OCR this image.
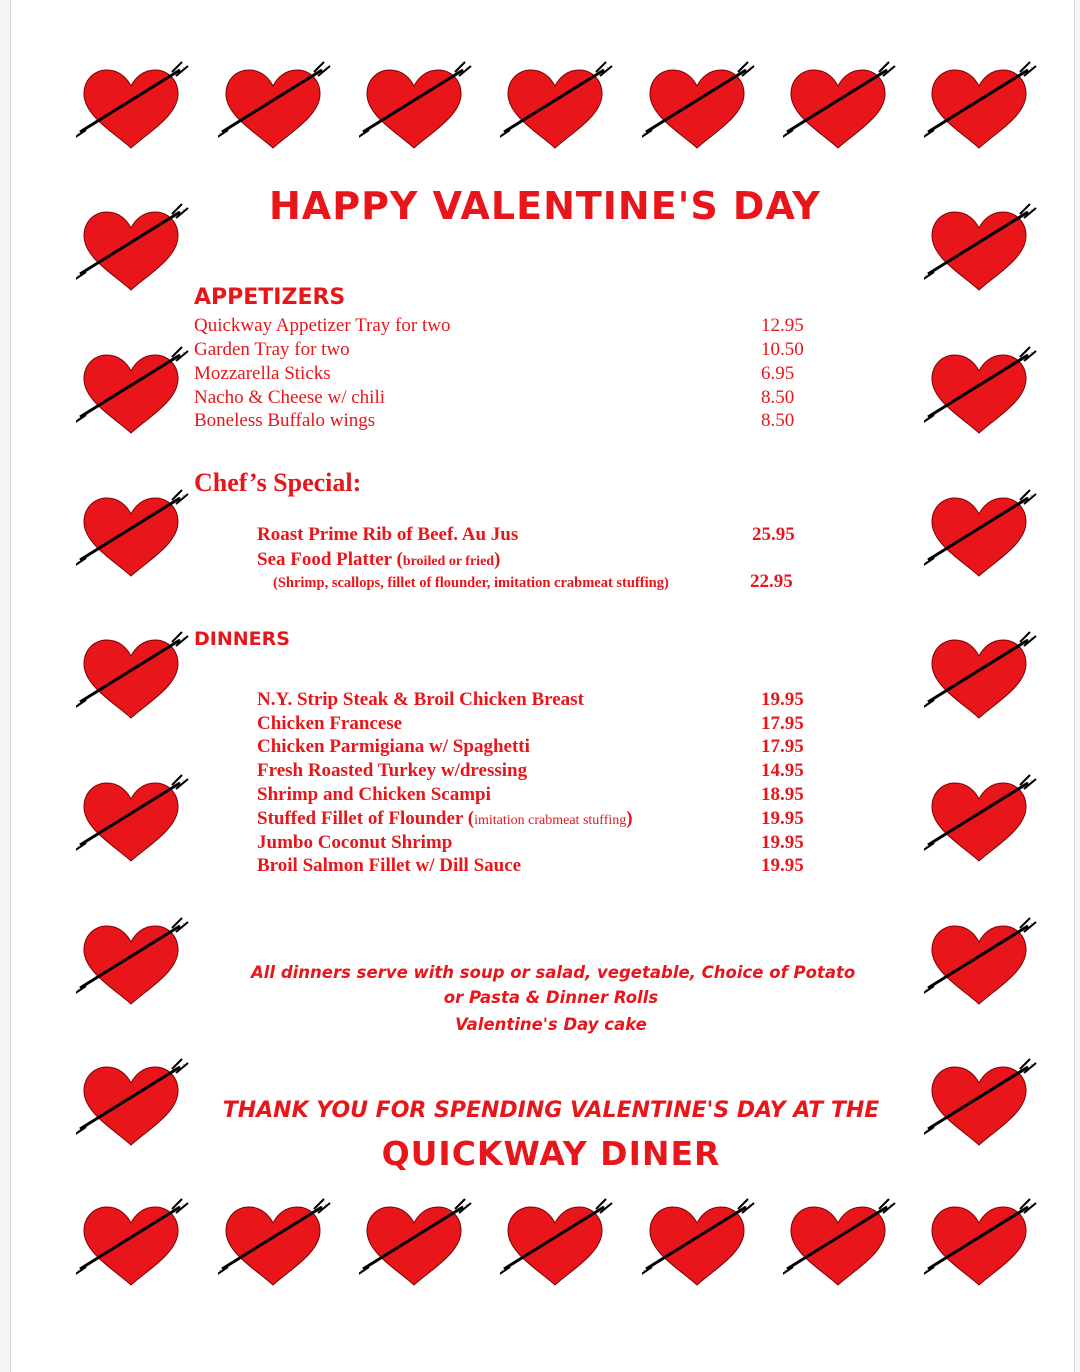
HAPPY VALENTINE'S DAY
APPETIZERS
Quickway Appetizer Tray for two	12.95
Garden Tray for two	10.50
Mozzarella Sticks	6.95
Nacho & Cheese w/ chili	8.50
Boneless Buffalo wings	8.50
Chef’s Special:
Roast Prime Rib of Beef. Au Jus	25.95
Sea Food Platter (broiled or fried)
(Shrimp, scallops, fillet of flounder, imitation crabmeat stuffing)	22.95
DINNERS
N.Y. Strip Steak & Broil Chicken Breast	19.95
Chicken Francese	17.95
Chicken Parmigiana w/ Spaghetti	17.95
Fresh Roasted Turkey w/dressing	14.95
Shrimp and Chicken Scampi	18.95
Stuffed Fillet of Flounder (imitation crabmeat stuffing)	19.95
Jumbo Coconut Shrimp	19.95
Broil Salmon Fillet w/ Dill Sauce	19.95
All dinners serve with soup or salad, vegetable, Choice of Potato
or Pasta & Dinner Rolls
Valentine's Day cake
THANK YOU FOR SPENDING VALENTINE'S DAY AT THE
QUICKWAY DINER
